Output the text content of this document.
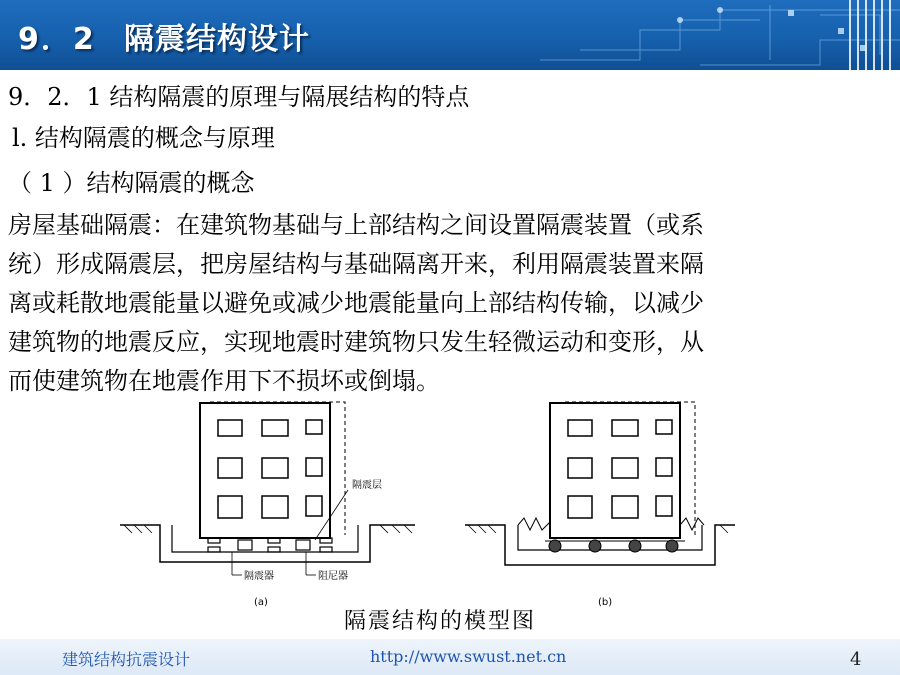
9．2 隔震结构设计
9．2．1 结构隔震的原理与隔展结构的特点
l. 结构隔震的概念与原理
（ 1 ）结构隔震的概念
房屋基础隔震：在建筑物基础与上部结构之间设置隔震装置（或系
统）形成隔震层，把房屋结构与基础隔离开来，利用隔震装置来隔
离或耗散地震能量以避免或减少地震能量向上部结构传输，以减少
建筑物的地震反应，实现地震时建筑物只发生轻微运动和变形，从
而使建筑物在地震作用下不损坏或倒塌。
隔震层
隔震器	阻尼器
(a)	(b)
隔震结构的模型图
建筑结构抗震设计	http://www.swust.net.cn	4
